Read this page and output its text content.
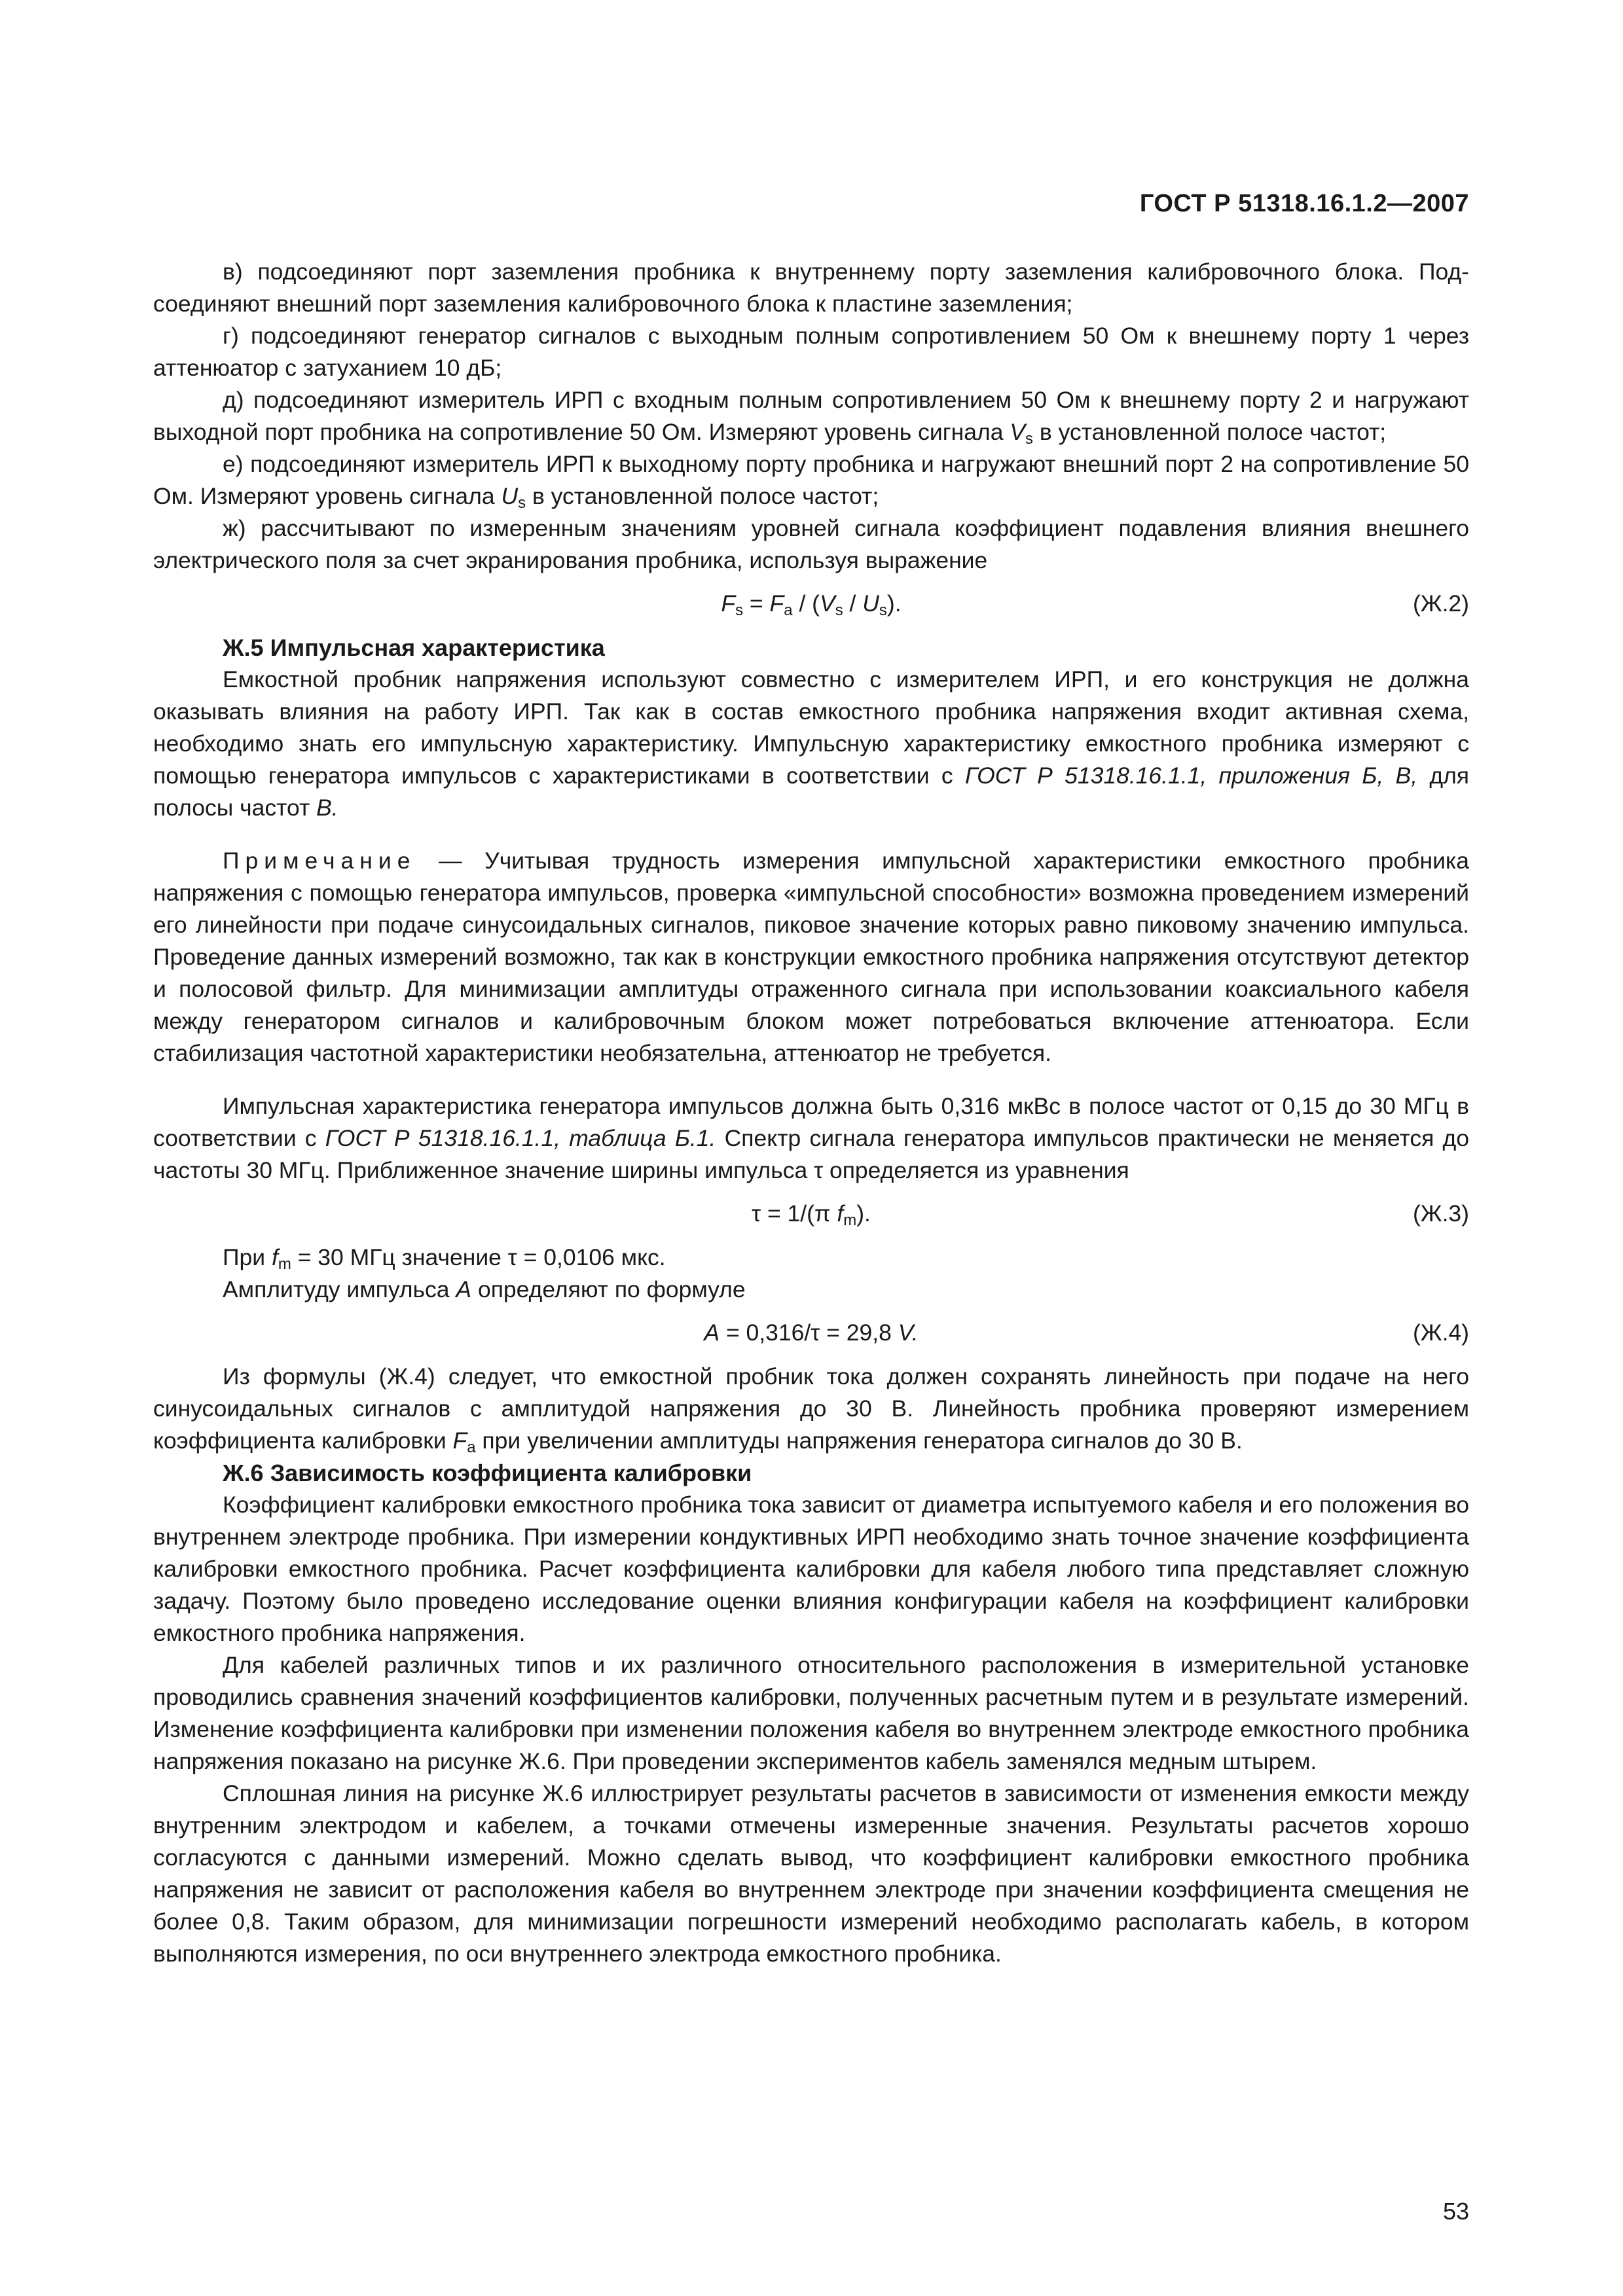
ГОСТ Р 51318.16.1.2—2007

в) подсоединяют порт заземления пробника к внутреннему порту заземления калибровочного блока. Подсоединяют внешний порт заземления калибровочного блока к пластине заземления;

г) подсоединяют генератор сигналов с выходным полным сопротивлением 50 Ом к внешнему порту 1 через аттенюатор с затуханием 10 дБ;

д) подсоединяют измеритель ИРП с входным полным сопротивлением 50 Ом к внешнему порту 2 и нагружают выходной порт пробника на сопротивление 50 Ом. Измеряют уровень сигнала $V_s$ в установленной полосе частот;

е) подсоединяют измеритель ИРП к выходному порту пробника и нагружают внешний порт 2 на сопротивление 50 Ом. Измеряют уровень сигнала $U_s$ в установленной полосе частот;

ж) рассчитывают по измеренным значениям уровней сигнала коэффициент подавления влияния внешнего электрического поля за счет экранирования пробника, используя выражение

$F_s = F_a / (V_s / U_s)$.	(Ж.2)
Ж.5 Импульсная характеристика

Емкостной пробник напряжения используют совместно с измерителем ИРП, и его конструкция не должна оказывать влияния на работу ИРП. Так как в состав емкостного пробника напряжения входит активная схема, необходимо знать его импульсную характеристику. Импульсную характеристику емкостного пробника измеряют с помощью генератора импульсов с характеристиками в соответствии с ГОСТ Р 51318.16.1.1, приложения Б, В, для полосы частот В.

Примечание — Учитывая трудность измерения импульсной характеристики емкостного пробника напряжения с помощью генератора импульсов, проверка «импульсной способности» возможна проведением измерений его линейности при подаче синусоидальных сигналов, пиковое значение которых равно пиковому значению импульса. Проведение данных измерений возможно, так как в конструкции емкостного пробника напряжения отсутствуют детектор и полосовой фильтр. Для минимизации амплитуды отраженного сигнала при использовании коаксиального кабеля между генератором сигналов и калибровочным блоком может потребоваться включение аттенюатора. Если стабилизация частотной характеристики необязательна, аттенюатор не требуется.

Импульсная характеристика генератора импульсов должна быть 0,316 мкВс в полосе частот от 0,15 до 30 МГц в соответствии с ГОСТ Р 51318.16.1.1, таблица Б.1. Спектр сигнала генератора импульсов практически не меняется до частоты 30 МГц. Приближенное значение ширины импульса τ определяется из уравнения

τ = 1/(π $f_m$).	(Ж.3)

При $f_m = 30$ МГц значение τ = 0,0106 мкс.

Амплитуду импульса A определяют по формуле

A = 0,316/τ = 29,8 V.	(Ж.4)

Из формулы (Ж.4) следует, что емкостной пробник тока должен сохранять линейность при подаче на него синусоидальных сигналов с амплитудой напряжения до 30 В. Линейность пробника проверяют измерением коэффициента калибровки $F_a$ при увеличении амплитуды напряжения генератора сигналов до 30 В.

Ж.6 Зависимость коэффициента калибровки

Коэффициент калибровки емкостного пробника тока зависит от диаметра испытуемого кабеля и его положения во внутреннем электроде пробника. При измерении кондуктивных ИРП необходимо знать точное значение коэффициента калибровки емкостного пробника. Расчет коэффициента калибровки для кабеля любого типа представляет сложную задачу. Поэтому было проведено исследование оценки влияния конфигурации кабеля на коэффициент калибровки емкостного пробника напряжения.

Для кабелей различных типов и их различного относительного расположения в измерительной установке проводились сравнения значений коэффициентов калибровки, полученных расчетным путем и в результате измерений. Изменение коэффициента калибровки при изменении положения кабеля во внутреннем электроде емкостного пробника напряжения показано на рисунке Ж.6. При проведении экспериментов кабель заменялся медным штырем.

Сплошная линия на рисунке Ж.6 иллюстрирует результаты расчетов в зависимости от изменения емкости между внутренним электродом и кабелем, а точками отмечены измеренные значения. Результаты расчетов хорошо согласуются с данными измерений. Можно сделать вывод, что коэффициент калибровки емкостного пробника напряжения не зависит от расположения кабеля во внутреннем электроде при значении коэффициента смещения не более 0,8. Таким образом, для минимизации погрешности измерений необходимо располагать кабель, в котором выполняются измерения, по оси внутреннего электрода емкостного пробника.

53
